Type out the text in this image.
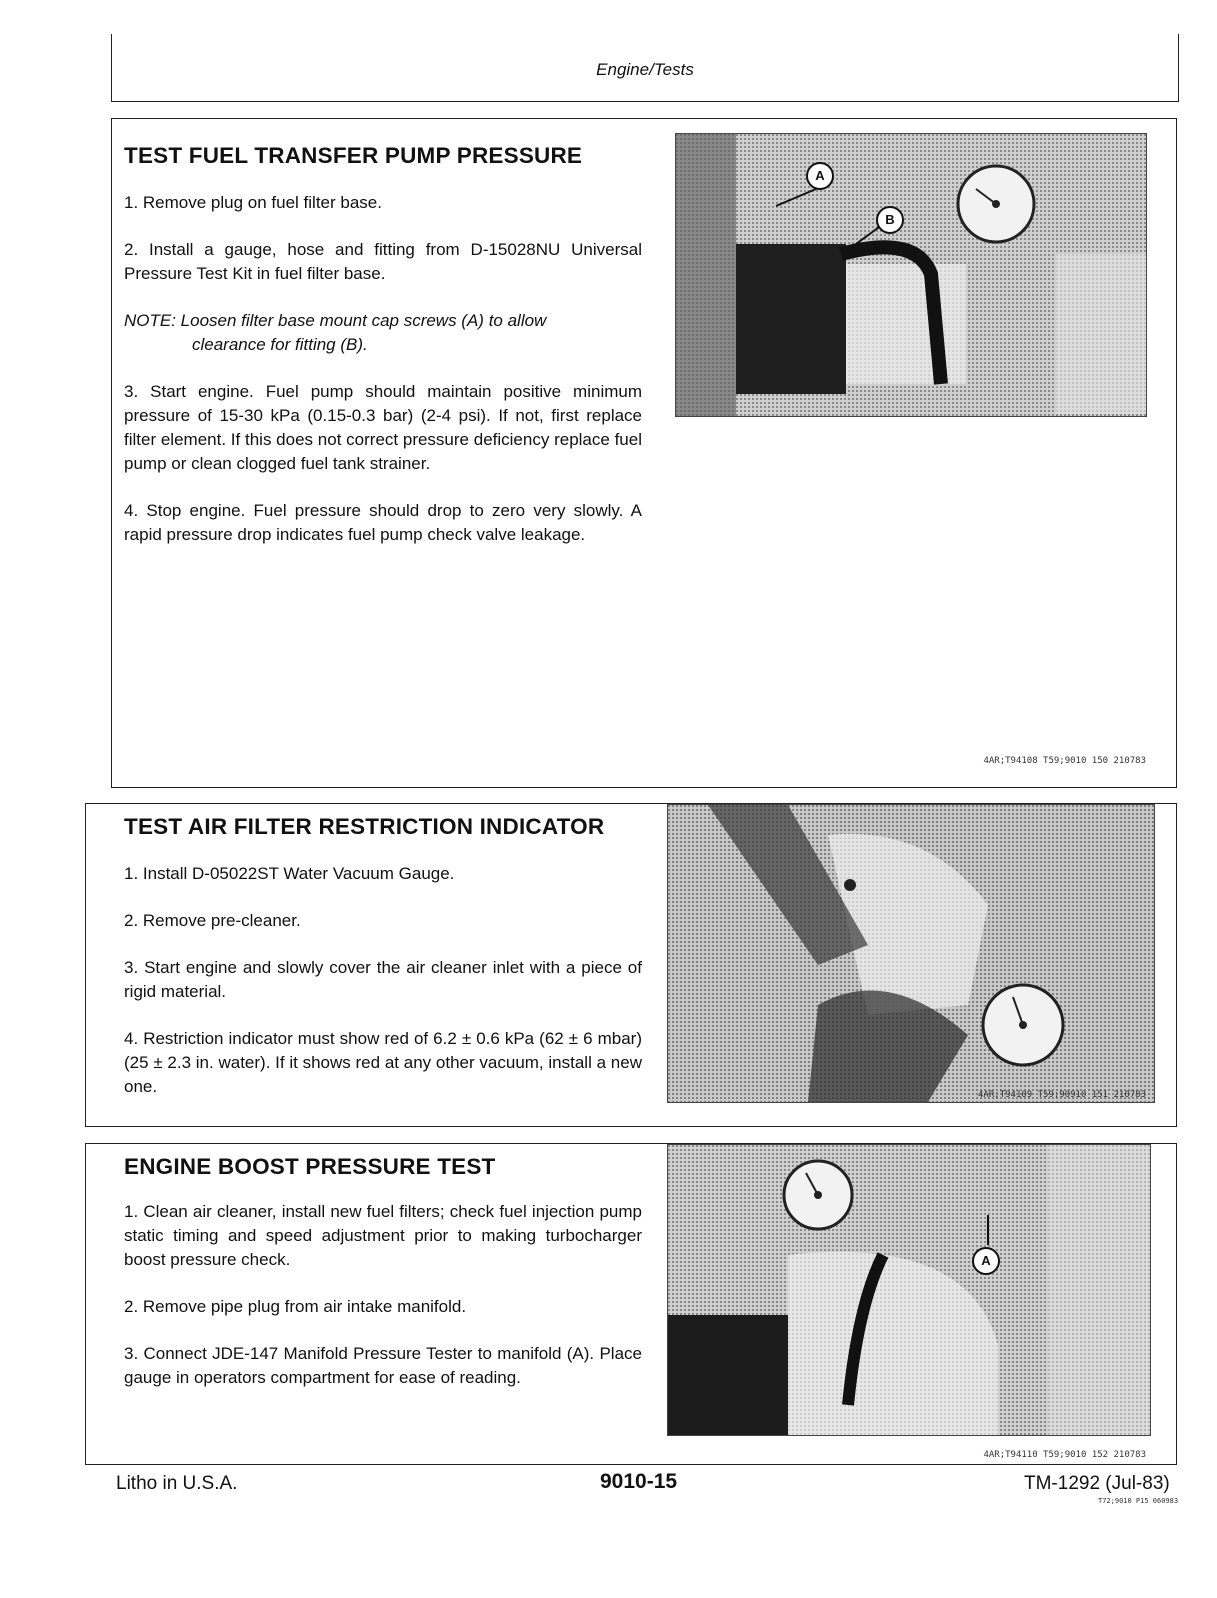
Engine/Tests
TEST FUEL TRANSFER PUMP PRESSURE

1. Remove plug on fuel filter base.

2. Install a gauge, hose and fitting from D-15028NU Universal Pressure Test Kit in fuel filter base.

NOTE: Loosen filter base mount cap screws (A) to allow
clearance for fitting (B).

3. Start engine. Fuel pump should maintain positive minimum pressure of 15-30 kPa (0.15-0.3 bar) (2-4 psi). If not, first replace filter element. If this does not correct pressure deficiency replace fuel pump or clean clogged fuel tank strainer.

4. Stop engine. Fuel pressure should drop to zero very slowly. A rapid pressure drop indicates fuel pump check valve leakage.

A
B
4AR;T94108 T59;9010 150 210783
TEST AIR FILTER RESTRICTION INDICATOR

1. Install D-05022ST Water Vacuum Gauge.

2. Remove pre-cleaner.

3. Start engine and slowly cover the air cleaner inlet with a piece of rigid material.

4. Restriction indicator must show red of 6.2 ± 0.6 kPa (62 ± 6 mbar) (25 ± 2.3 in. water). If it shows red at any other vacuum, install a new one.	4AR;T94109 T59;90910 151 210783
ENGINE BOOST PRESSURE TEST

1. Clean air cleaner, install new fuel filters; check fuel injection pump static timing and speed adjustment prior to making turbocharger boost pressure check.

2. Remove pipe plug from air intake manifold.

3. Connect JDE-147 Manifold Pressure Tester to manifold (A). Place gauge in operators compartment for ease of reading.

A
4AR;T94110 T59;9010 152 210783
Litho in U.S.A.	9010-15	TM-1292 (Jul-83)
T72;9010 P15 060983
